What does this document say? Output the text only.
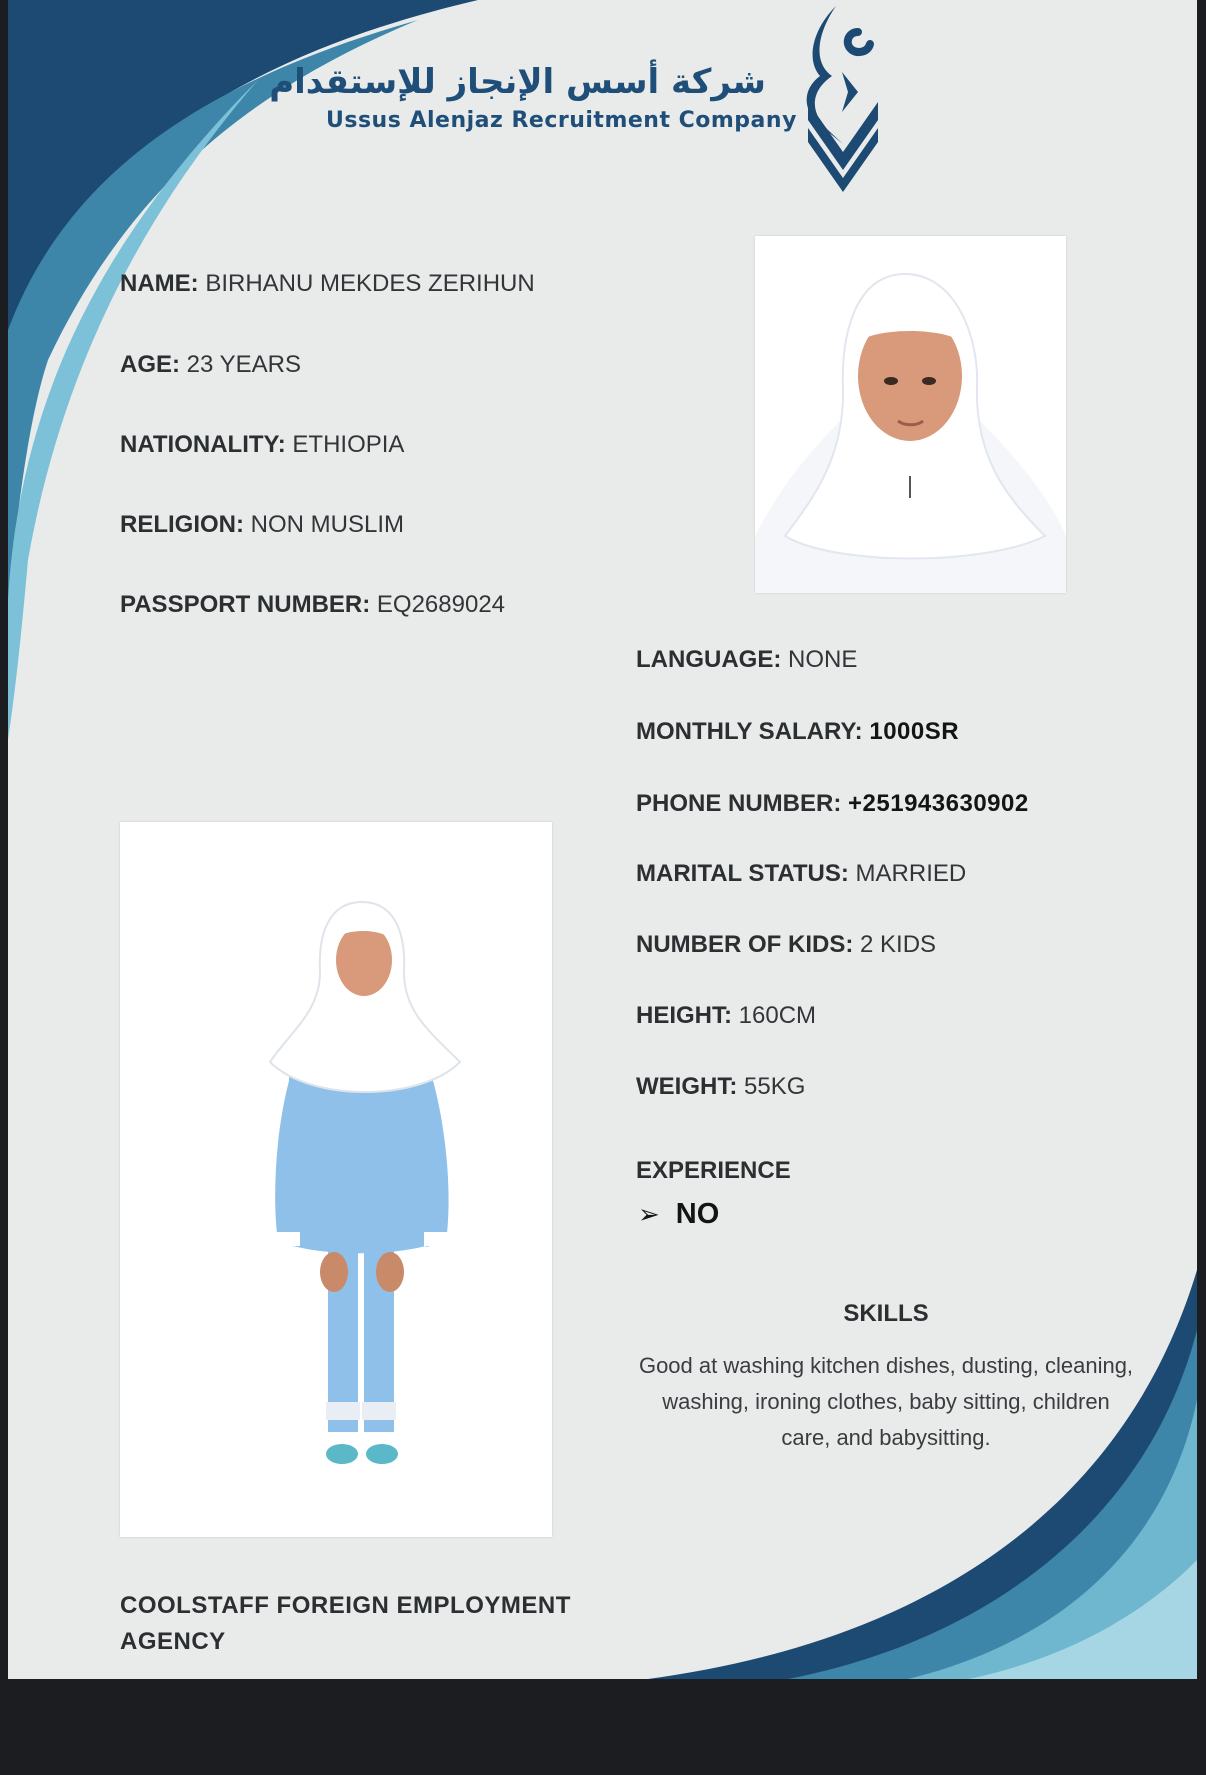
شركة أسس الإنجاز للإستقدام
Ussus Alenjaz Recruitment Company
NAME: BIRHANU MEKDES ZERIHUN
AGE: 23 YEARS
NATIONALITY: ETHIOPIA
RELIGION: NON MUSLIM
PASSPORT NUMBER: EQ2689024
LANGUAGE: NONE
MONTHLY SALARY: 1000SR
PHONE NUMBER: +251943630902
MARITAL STATUS: MARRIED
NUMBER OF KIDS: 2 KIDS
HEIGHT: 160CM
WEIGHT: 55KG
EXPERIENCE
➢ NO
SKILLS
Good at washing kitchen dishes, dusting, cleaning, washing, ironing clothes, baby sitting, children care, and babysitting.
COOLSTAFF FOREIGN EMPLOYMENT AGENCY
